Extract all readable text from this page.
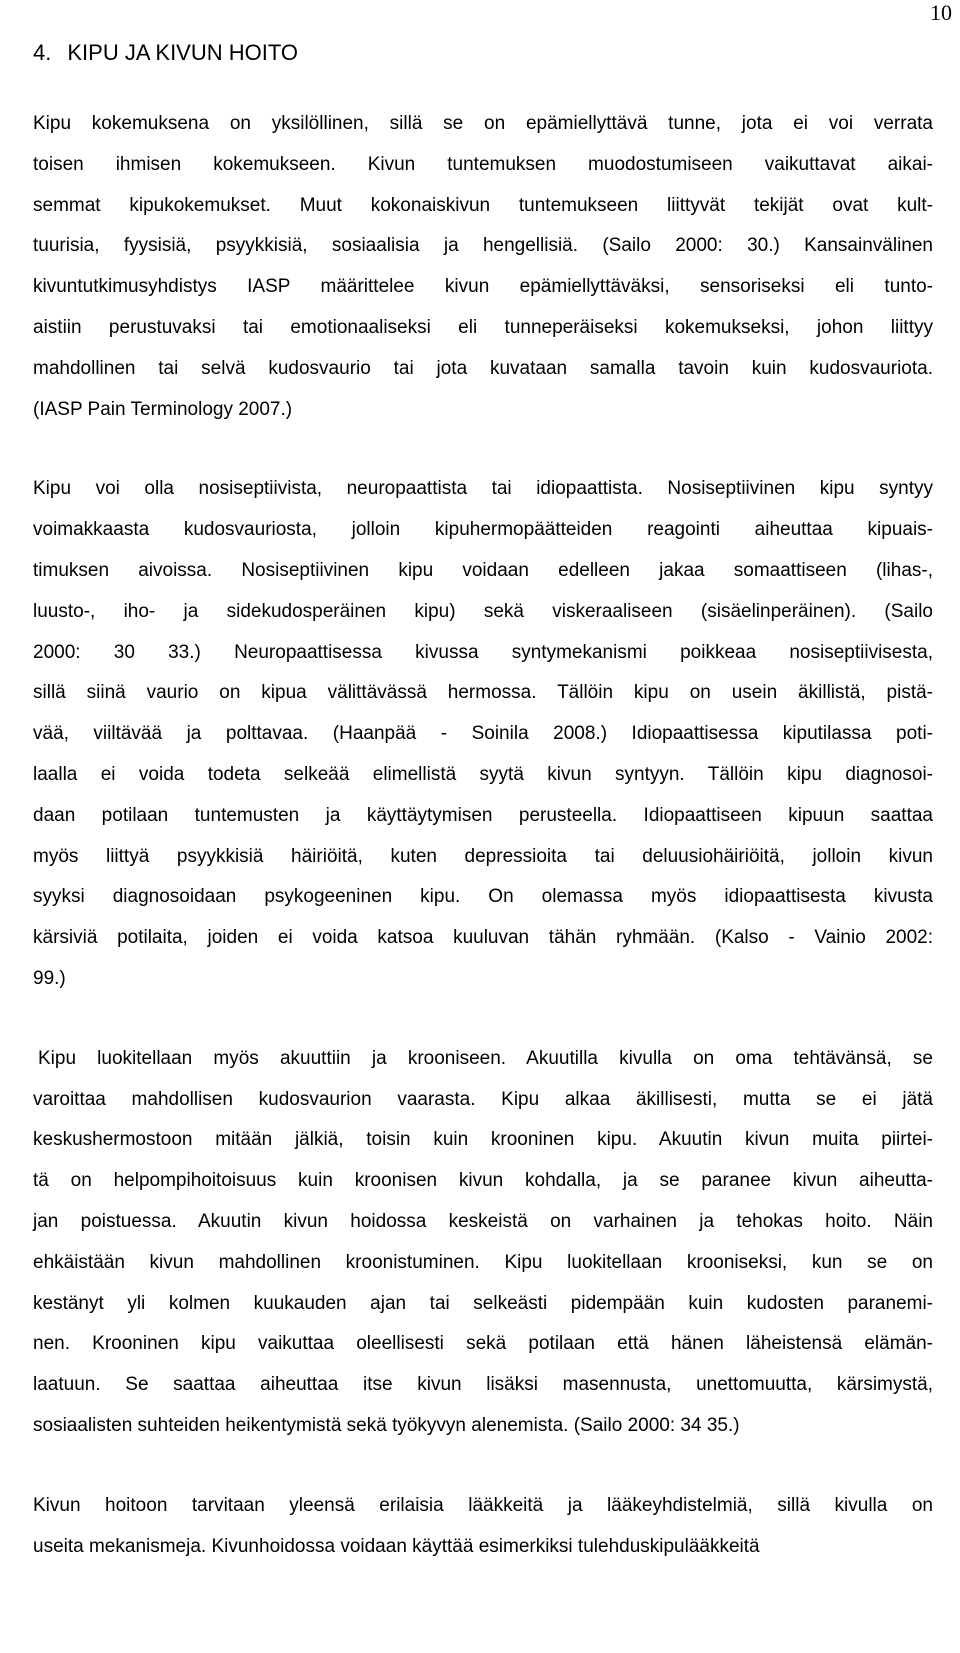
10
4. KIPU JA KIVUN HOITO

Kipu kokemuksena on yksilöllinen, sillä se on epämiellyttävä tunne, jota ei voi verrata
toisen ihmisen kokemukseen. Kivun tuntemuksen muodostumiseen vaikuttavat aikai-
semmat kipukokemukset. Muut kokonaiskivun tuntemukseen liittyvät tekijät ovat kult-
tuurisia, fyysisiä, psyykkisiä, sosiaalisia ja hengellisiä. (Sailo 2000: 30.) Kansainvälinen
kivuntutkimusyhdistys IASP määrittelee kivun epämiellyttäväksi, sensoriseksi eli tunto-
aistiin perustuvaksi tai emotionaaliseksi eli tunneperäiseksi kokemukseksi, johon liittyy
mahdollinen tai selvä kudosvaurio tai jota kuvataan samalla tavoin kuin kudosvauriota.
(IASP Pain Terminology 2007.)

Kipu voi olla nosiseptiivista, neuropaattista tai idiopaattista. Nosiseptiivinen kipu syntyy
voimakkaasta kudosvauriosta, jolloin kipuhermopäätteiden reagointi aiheuttaa kipuais-
timuksen aivoissa. Nosiseptiivinen kipu voidaan edelleen jakaa somaattiseen (lihas-,
luusto-, iho- ja sidekudosperäinen kipu) sekä viskeraaliseen (sisäelinperäinen). (Sailo
2000: 30 33.) Neuropaattisessa kivussa syntymekanismi poikkeaa nosiseptiivisesta,
sillä siinä vaurio on kipua välittävässä hermossa. Tällöin kipu on usein äkillistä, pistä-
vää, viiltävää ja polttavaa. (Haanpää - Soinila 2008.) Idiopaattisessa kiputilassa poti-
laalla ei voida todeta selkeää elimellistä syytä kivun syntyyn. Tällöin kipu diagnosoi-
daan potilaan tuntemusten ja käyttäytymisen perusteella. Idiopaattiseen kipuun saattaa
myös liittyä psyykkisiä häiriöitä, kuten depressioita tai deluusiohäiriöitä, jolloin kivun
syyksi diagnosoidaan psykogeeninen kipu. On olemassa myös idiopaattisesta kivusta
kärsiviä potilaita, joiden ei voida katsoa kuuluvan tähän ryhmään. (Kalso - Vainio 2002:
99.)

Kipu luokitellaan myös akuuttiin ja krooniseen. Akuutilla kivulla on oma tehtävänsä, se
varoittaa mahdollisen kudosvaurion vaarasta. Kipu alkaa äkillisesti, mutta se ei jätä
keskushermostoon mitään jälkiä, toisin kuin krooninen kipu. Akuutin kivun muita piirtei-
tä on helpompihoitoisuus kuin kroonisen kivun kohdalla, ja se paranee kivun aiheutta-
jan poistuessa. Akuutin kivun hoidossa keskeistä on varhainen ja tehokas hoito. Näin
ehkäistään kivun mahdollinen kroonistuminen. Kipu luokitellaan krooniseksi, kun se on
kestänyt yli kolmen kuukauden ajan tai selkeästi pidempään kuin kudosten paranemi-
nen. Krooninen kipu vaikuttaa oleellisesti sekä potilaan että hänen läheistensä elämän-
laatuun. Se saattaa aiheuttaa itse kivun lisäksi masennusta, unettomuutta, kärsimystä,
sosiaalisten suhteiden heikentymistä sekä työkyvyn alenemista. (Sailo 2000: 34 35.)

Kivun hoitoon tarvitaan yleensä erilaisia lääkkeitä ja lääkeyhdistelmiä, sillä kivulla on
useita mekanismeja. Kivunhoidossa voidaan käyttää esimerkiksi tulehduskipulääkkeitä
